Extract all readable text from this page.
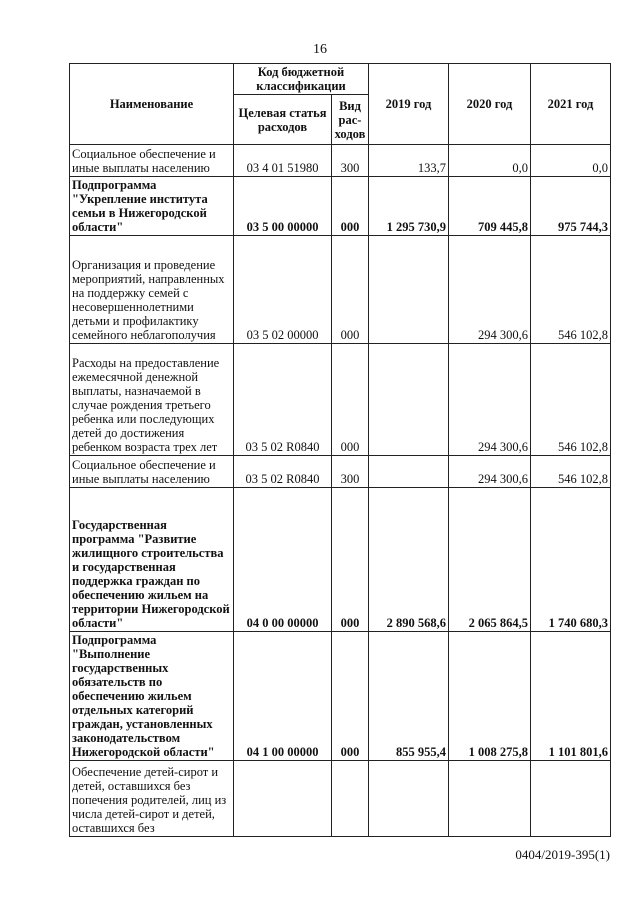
16
Наименование	Код бюджетной классификации		2019 год	2020 год	2021 год
	Целевая статья расходов	Вид рас-ходов			
Социальное обеспечение и иные выплаты населению	03 4 01 51980	300	133,7	0,0	0,0
Подпрограмма "Укрепление института семьи в Нижегородской области"	03 5 00 00000	000	1 295 730,9	709 445,8	975 744,3
Организация и проведение мероприятий, направленных на поддержку семей с несовершеннолетними детьми и профилактику семейного неблагополучия	03 5 02 00000	000		294 300,6	546 102,8
Расходы на предоставление ежемесячной денежной выплаты, назначаемой в случае рождения третьего ребенка или последующих детей до достижения ребенком возраста трех лет	03 5 02 R0840	000		294 300,6	546 102,8
Социальное обеспечение и иные выплаты населению	03 5 02 R0840	300		294 300,6	546 102,8
Государственная программа "Развитие жилищного строительства и государственная поддержка граждан по обеспечению жильем на территории Нижегородской области"	04 0 00 00000	000	2 890 568,6	2 065 864,5	1 740 680,3
Подпрограмма "Выполнение государственных обязательств по обеспечению жильем отдельных категорий граждан, установленных законодательством Нижегородской области"	04 1 00 00000	000	855 955,4	1 008 275,8	1 101 801,6
Обеспечение детей-сирот и детей, оставшихся без попечения родителей, лиц из числа детей-сирот и детей, оставшихся без					
0404/2019-395(1)
